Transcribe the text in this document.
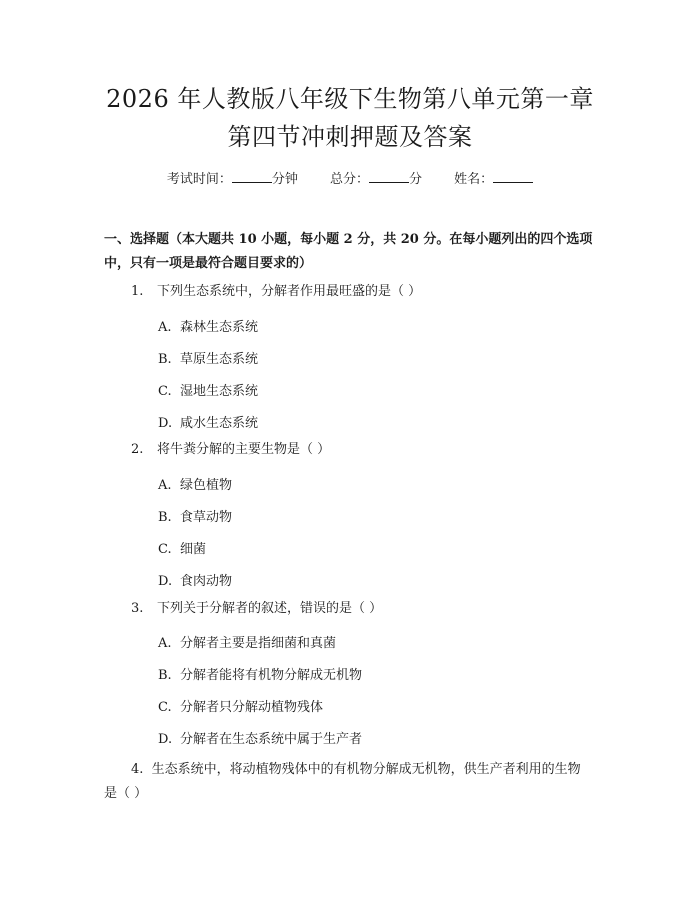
2026 年人教版八年级下生物第八单元第一章
第四节冲刺押题及答案
考试时间：	分钟 总分：	分 姓名：
一、选择题（本大题共 10 小题，每小题 2 分，共 20 分。在每小题列出的四个选项中，只有一项是最符合题目要求的）
1. 下列生态系统中，分解者作用最旺盛的是（ ）
A. 森林生态系统
B. 草原生态系统
C. 湿地生态系统
D. 咸水生态系统
2. 将牛粪分解的主要生物是（ ）
A. 绿色植物
B. 食草动物
C. 细菌
D. 食肉动物
3. 下列关于分解者的叙述，错误的是（ ）
A. 分解者主要是指细菌和真菌
B. 分解者能将有机物分解成无机物
C. 分解者只分解动植物残体
D. 分解者在生态系统中属于生产者
4. 生态系统中，将动植物残体中的有机物分解成无机物，供生产者利用的生物是（ ）
